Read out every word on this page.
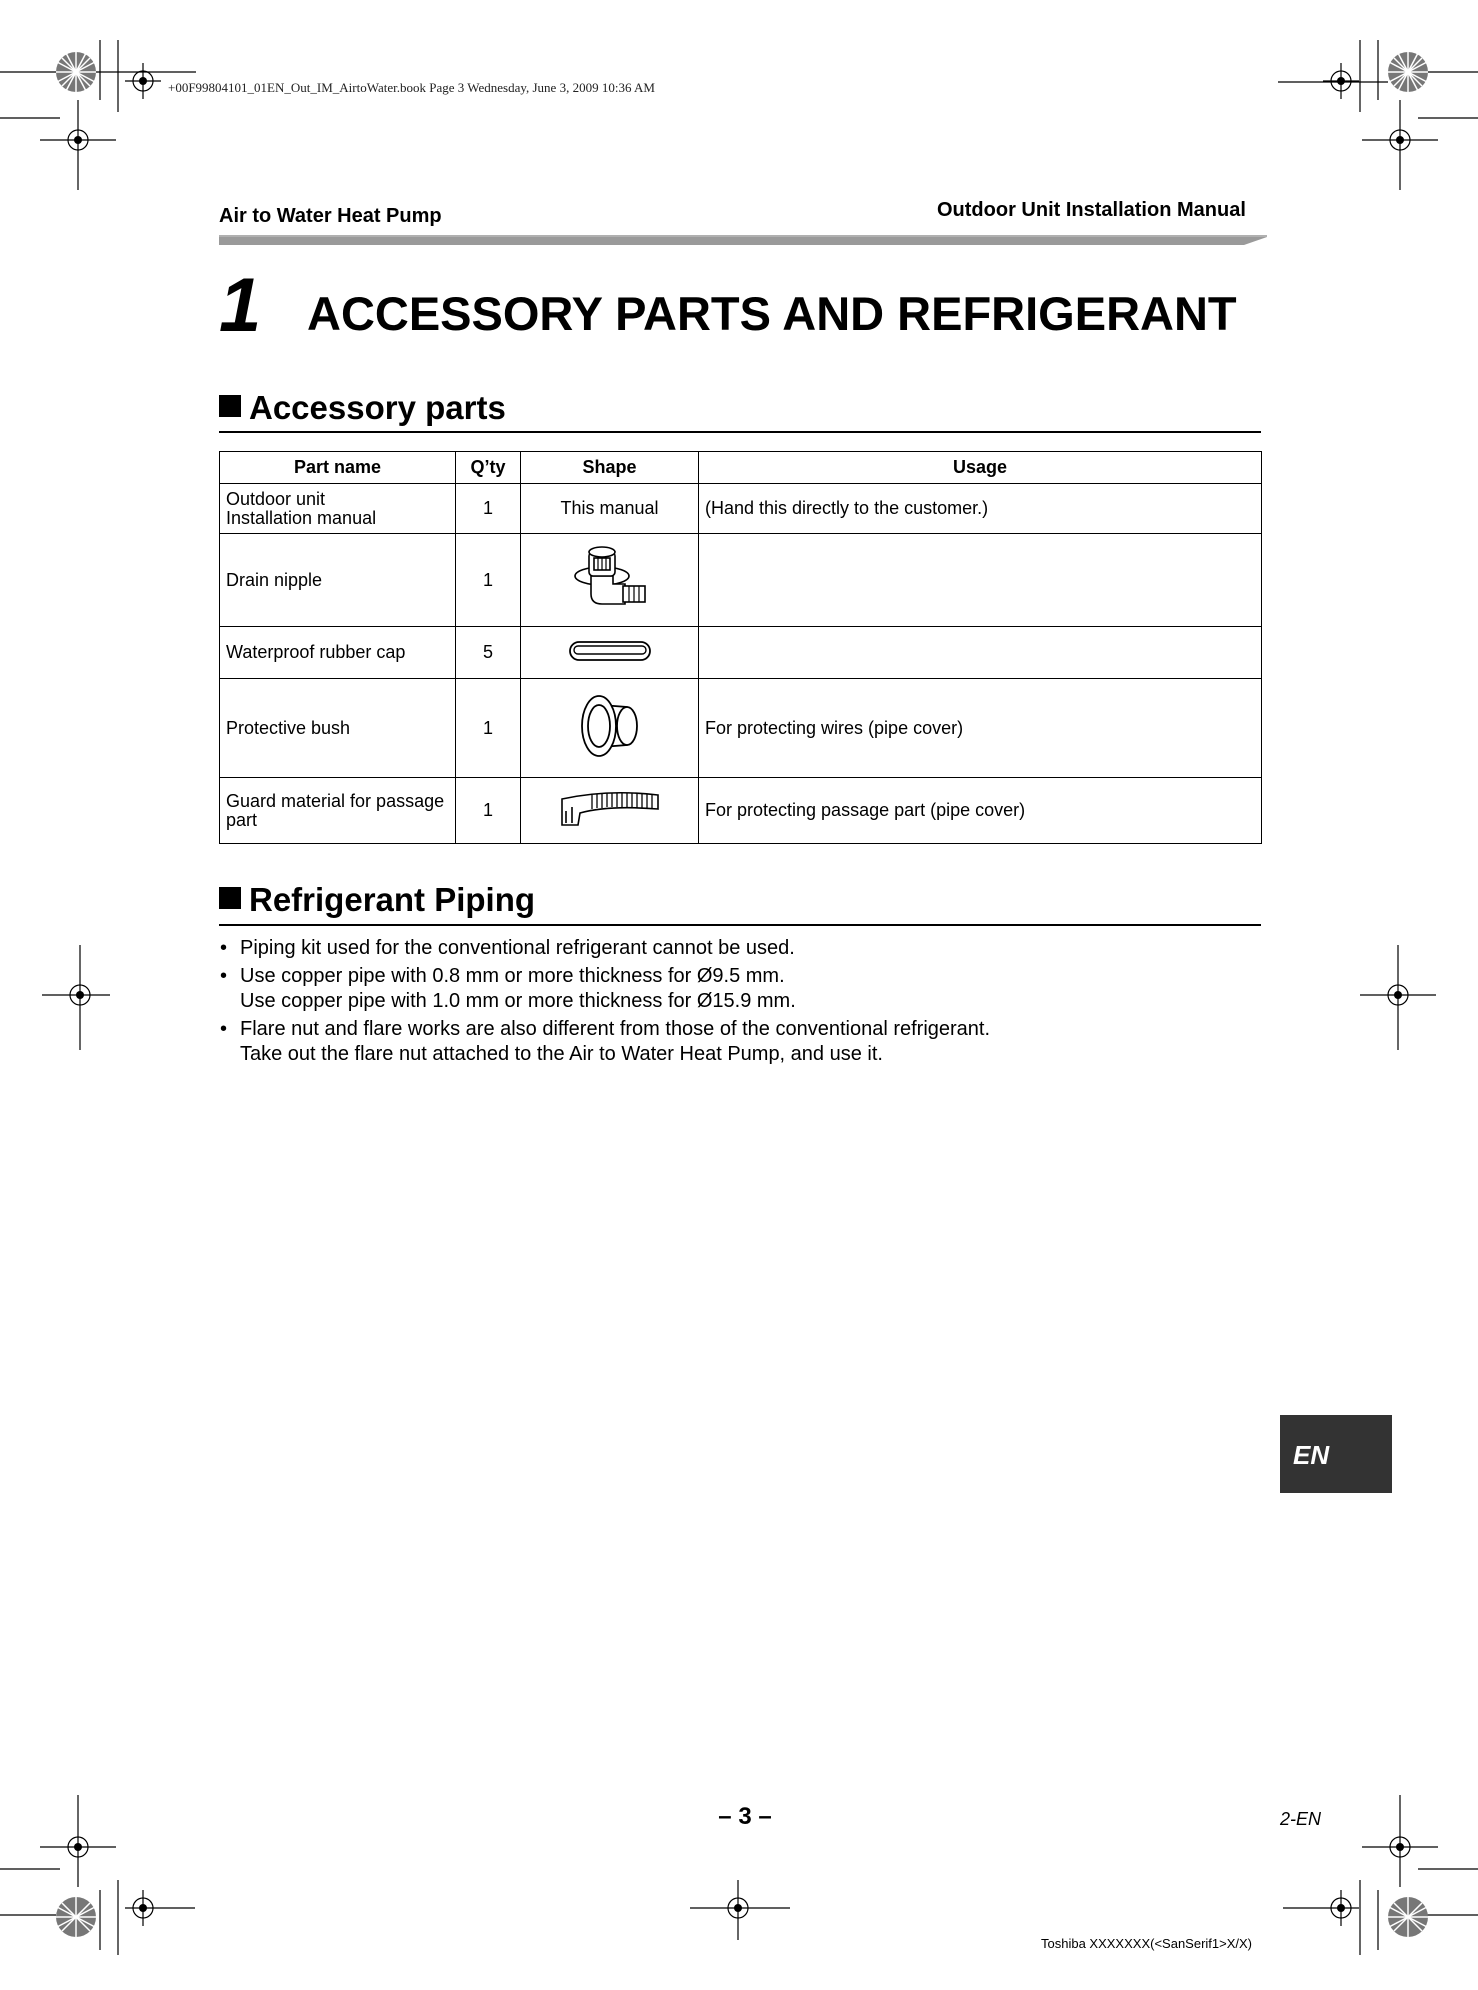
+00F99804101_01EN_Out_IM_AirtoWater.book Page 3 Wednesday, June 3, 2009 10:36 AM
Air to Water Heat Pump	Outdoor Unit Installation Manual
1 ACCESSORY PARTS AND REFRIGERANT
Accessory parts
Part name	Q’ty	Shape	Usage
Outdoor unit
Installation manual	1	This manual	(Hand this directly to the customer.)
Drain nipple	1		
Waterproof rubber cap	5		
Protective bush	1		For protecting wires (pipe cover)
Guard material for passage
part	1		For protecting passage part (pipe cover)
Refrigerant Piping
• Piping kit used for the conventional refrigerant cannot be used.
• Use copper pipe with 0.8 mm or more thickness for Ø9.5 mm.
Use copper pipe with 1.0 mm or more thickness for Ø15.9 mm.
• Flare nut and flare works are also different from those of the conventional refrigerant.
Take out the flare nut attached to the Air to Water Heat Pump, and use it.
EN
– 3 –	2-EN
Toshiba XXXXXXX(<SanSerif1>X/X)
